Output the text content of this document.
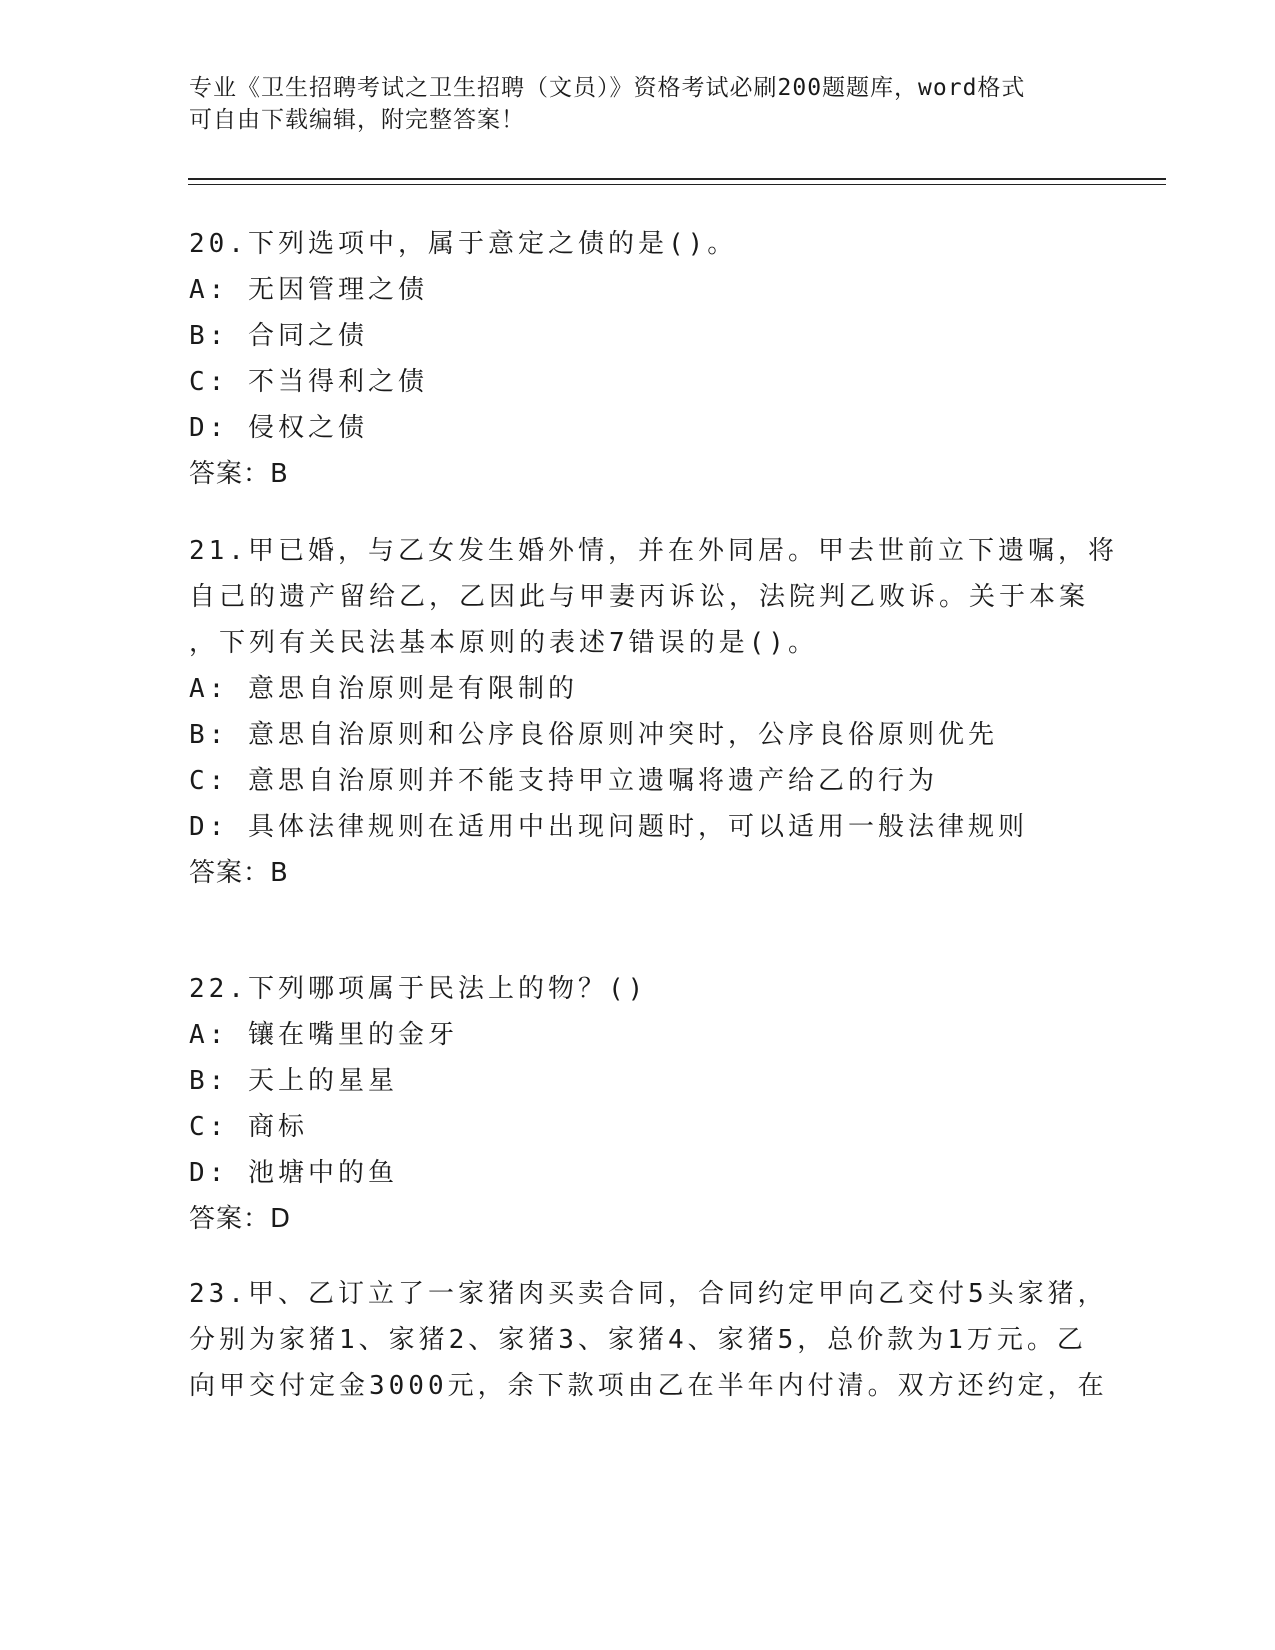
专业《卫生招聘考试之卫生招聘（文员）》资格考试必刷200题题库，word格式
可自由下载编辑，附完整答案！
20.下列选项中，属于意定之债的是()。
A: 无因管理之债
B: 合同之债
C: 不当得利之债
D: 侵权之债
答案：B
21.甲已婚，与乙女发生婚外情，并在外同居。甲去世前立下遗嘱，将
自己的遗产留给乙，乙因此与甲妻丙诉讼，法院判乙败诉。关于本案
，下列有关民法基本原则的表述7错误的是()。
A: 意思自治原则是有限制的
B: 意思自治原则和公序良俗原则冲突时，公序良俗原则优先
C: 意思自治原则并不能支持甲立遗嘱将遗产给乙的行为
D: 具体法律规则在适用中出现问题时，可以适用一般法律规则
答案：B
22.下列哪项属于民法上的物？()
A: 镶在嘴里的金牙
B: 天上的星星
C: 商标
D: 池塘中的鱼
答案：D
23.甲、乙订立了一家猪肉买卖合同，合同约定甲向乙交付5头家猪，
分别为家猪1、家猪2、家猪3、家猪4、家猪5，总价款为1万元。乙
向甲交付定金3000元，余下款项由乙在半年内付清。双方还约定，在
